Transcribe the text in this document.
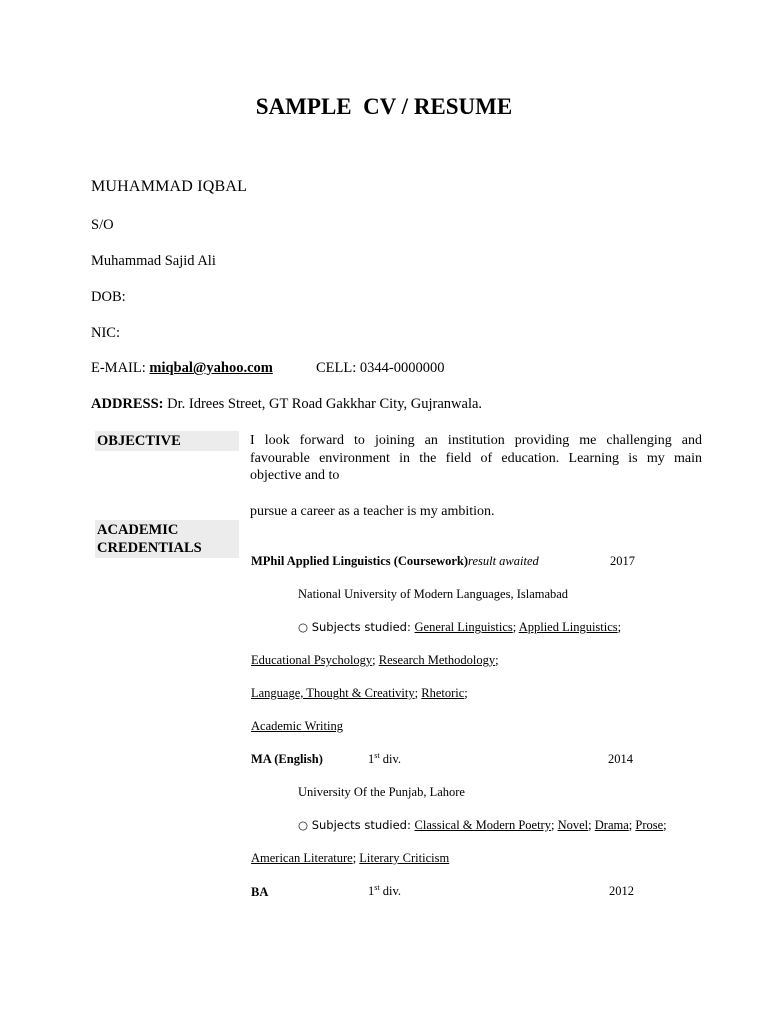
SAMPLE  CV / RESUME
MUHAMMAD IQBAL
S/O
Muhammad Sajid Ali
DOB:
NIC:
E-MAIL: miqbal@yahoo.com	CELL: 0344-0000000
ADDRESS: Dr. Idrees Street, GT Road Gakkhar City, Gujranwala.
OBJECTIVE	I look forward to joining an institution providing me challenging and
favourable environment in the field of education. Learning is my main
objective and to
pursue a career as a teacher is my ambition.
ACADEMIC
CREDENTIALS
MPhil Applied Linguistics (Coursework)result awaited	2017
National University of Modern Languages, Islamabad
○ Subjects studied: General Linguistics; Applied Linguistics;
Educational Psychology; Research Methodology;
Language, Thought & Creativity; Rhetoric;
Academic Writing
MA (English)	1st div.	2014
University Of the Punjab, Lahore
○ Subjects studied: Classical & Modern Poetry; Novel; Drama; Prose;
American Literature; Literary Criticism
BA	1st div.	2012
